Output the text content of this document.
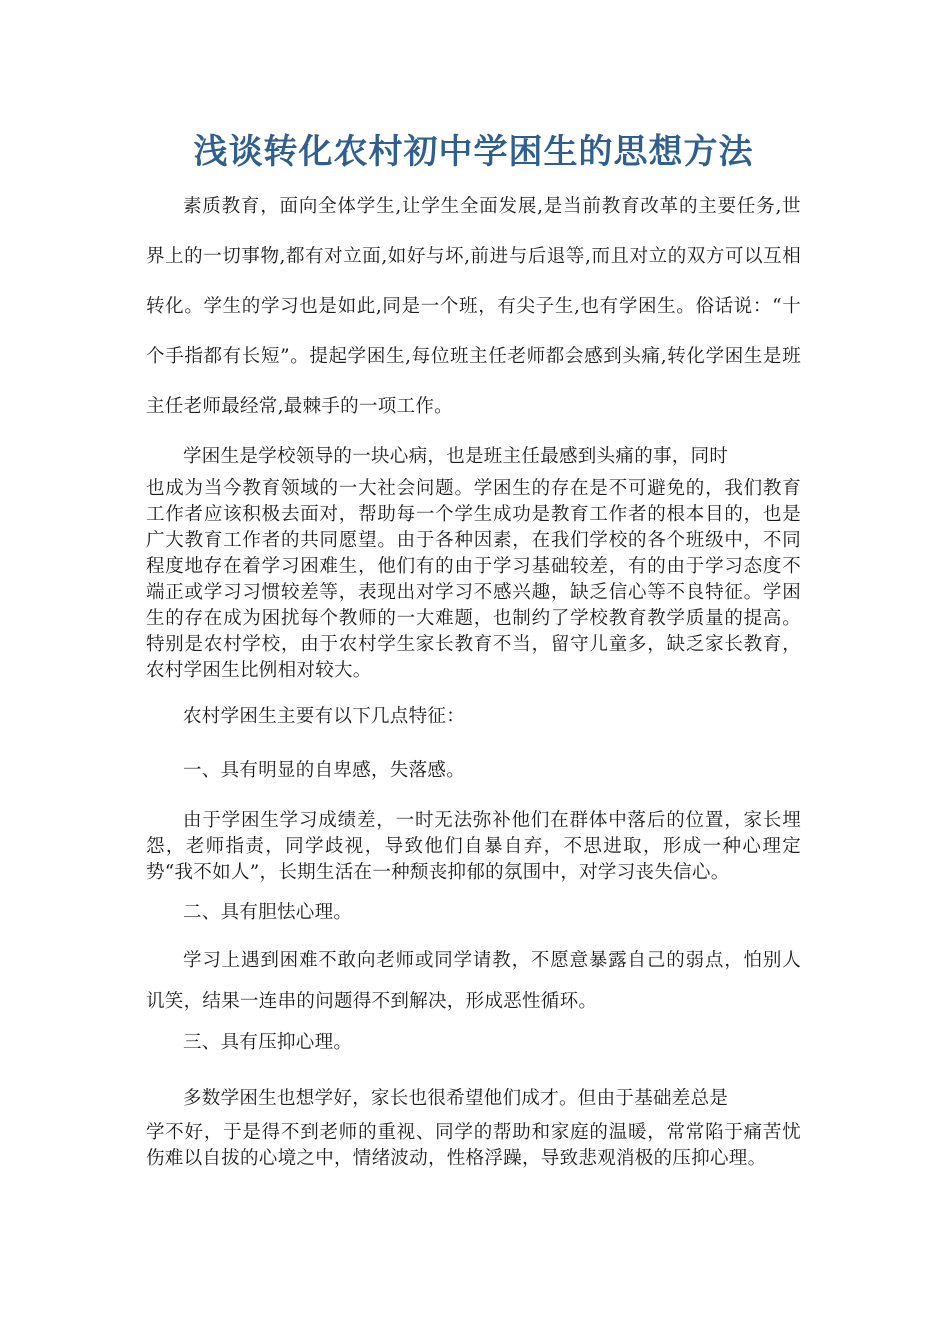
浅谈转化农村初中学困生的思想方法

素质教育，面向全体学生,让学生全面发展,是当前教育改革的主要任务,世界上的一切事物,都有对立面,如好与坏,前进与后退等,而且对立的双方可以互相转化。学生的学习也是如此,同是一个班，有尖子生,也有学困生。俗话说：“十个手指都有长短”。提起学困生,每位班主任老师都会感到头痛,转化学困生是班主任老师最经常,最棘手的一项工作。

学困生是学校领导的一块心病，也是班主任最感到头痛的事，同时

也成为当今教育领域的一大社会问题。学困生的存在是不可避免的，我们教育工作者应该积极去面对，帮助每一个学生成功是教育工作者的根本目的，也是广大教育工作者的共同愿望。由于各种因素，在我们学校的各个班级中，不同程度地存在着学习困难生，他们有的由于学习基础较差，有的由于学习态度不端正或学习习惯较差等，表现出对学习不感兴趣，缺乏信心等不良特征。学困生的存在成为困扰每个教师的一大难题，也制约了学校教育教学质量的提高。特别是农村学校，由于农村学生家长教育不当，留守儿童多，缺乏家长教育，农村学困生比例相对较大。

农村学困生主要有以下几点特征：

一、具有明显的自卑感，失落感。

由于学困生学习成绩差，一时无法弥补他们在群体中落后的位置，家长埋怨，老师指责，同学歧视，导致他们自暴自弃，不思进取，形成一种心理定势“我不如人”，长期生活在一种颓丧抑郁的氛围中，对学习丧失信心。

二、具有胆怯心理。

学习上遇到困难不敢向老师或同学请教，不愿意暴露自己的弱点，怕别人讥笑，结果一连串的问题得不到解决，形成恶性循环。

三、具有压抑心理。

多数学困生也想学好，家长也很希望他们成才。但由于基础差总是

学不好，于是得不到老师的重视、同学的帮助和家庭的温暖，常常陷于痛苦忧伤难以自拔的心境之中，情绪波动，性格浮躁，导致悲观消极的压抑心理。
